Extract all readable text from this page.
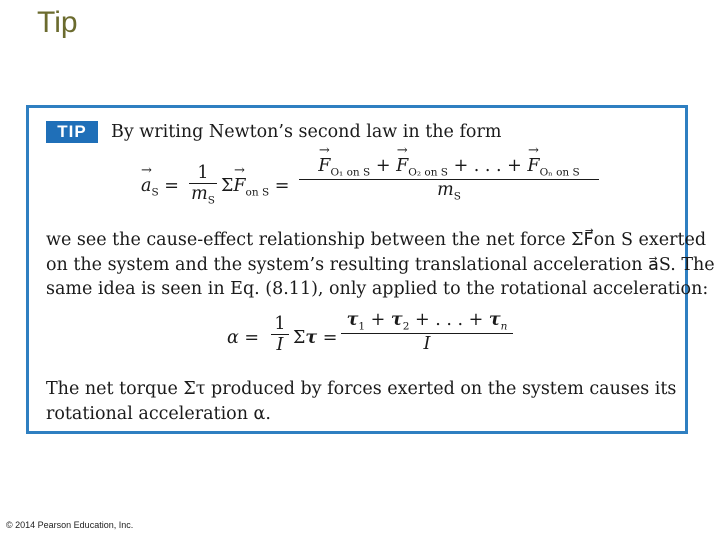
Tip
TIP	By writing Newton’s second law in the form
→ $a_S = \frac{1}{m_S} \Sigma\to F_{on S}$ =
→ $F_{O_1 on S}$ + → $F_{O_2 on S}$ + . . . + → $F_{O_n on S}$
$m_S$
we see the cause-effect relationship between the net force ΣF⃗on S exerted
on the system and the system’s resulting translational acceleration a⃗S. The
same idea is seen in Eq. (8.11), only applied to the rotational acceleration:
$\alpha = \frac{1}{I}$ $\Sigma\tau = \frac{\tau_1 + \tau_2 + . . . + \tau_n}{I}$
The net torque Στ produced by forces exerted on the system causes its
rotational acceleration α.
© 2014 Pearson Education, Inc.
